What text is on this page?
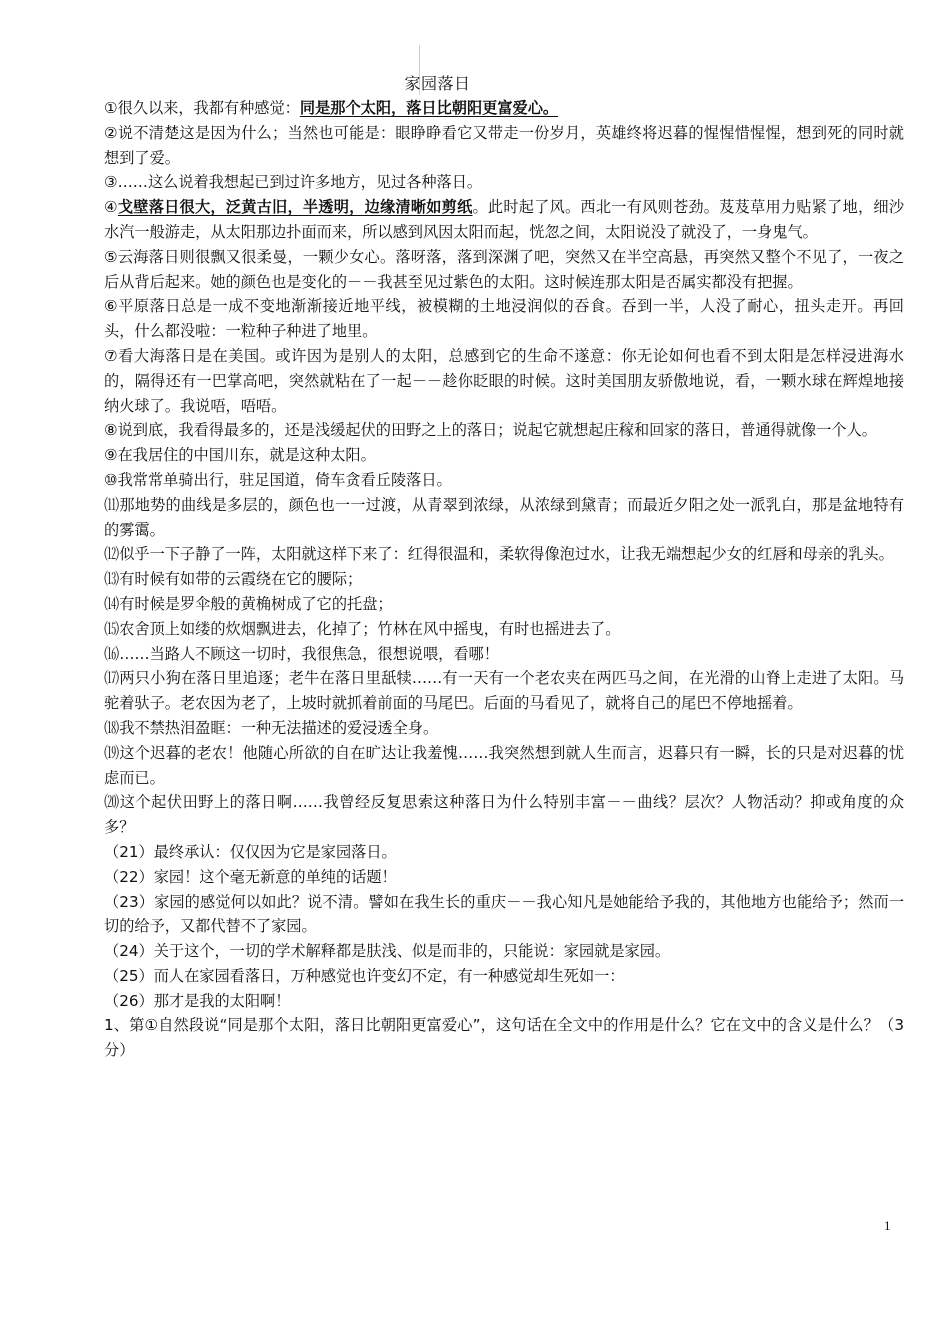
家园落日

①很久以来，我都有种感觉：同是那个太阳，落日比朝阳更富爱心。

②说不清楚这是因为什么；当然也可能是：眼睁睁看它又带走一份岁月，英雄终将迟暮的惺惺惜惺惺，想到死的同时就想到了爱。

③……这么说着我想起已到过许多地方，见过各种落日。

④戈壁落日很大，泛黄古旧，半透明，边缘清晰如剪纸。此时起了风。西北一有风则苍劲。芨芨草用力贴紧了地，细沙水汽一般游走，从太阳那边扑面而来，所以感到风因太阳而起，恍忽之间，太阳说没了就没了，一身鬼气。

⑤云海落日则很飘又很柔曼，一颗少女心。落呀落，落到深渊了吧，突然又在半空高悬，再突然又整个不见了，一夜之后从背后起来。她的颜色也是变化的－－我甚至见过紫色的太阳。这时候连那太阳是否属实都没有把握。

⑥平原落日总是一成不变地渐渐接近地平线，被模糊的土地浸润似的吞食。吞到一半，人没了耐心，扭头走开。再回头，什么都没啦：一粒种子种进了地里。

⑦看大海落日是在美国。或许因为是别人的太阳，总感到它的生命不遂意：你无论如何也看不到太阳是怎样浸进海水的，隔得还有一巴掌高吧，突然就粘在了一起－－趁你眨眼的时候。这时美国朋友骄傲地说，看，一颗水球在辉煌地接纳火球了。我说唔，唔唔。

⑧说到底，我看得最多的，还是浅缓起伏的田野之上的落日；说起它就想起庄稼和回家的落日，普通得就像一个人。

⑨在我居住的中国川东，就是这种太阳。

⑩我常常单骑出行，驻足国道，倚车贪看丘陵落日。

⑾那地势的曲线是多层的，颜色也一一过渡，从青翠到浓绿，从浓绿到黛青；而最近夕阳之处一派乳白，那是盆地特有的雾霭。

⑿似乎一下子静了一阵，太阳就这样下来了：红得很温和，柔软得像泡过水，让我无端想起少女的红唇和母亲的乳头。

⒀有时候有如带的云霞绕在它的腰际；

⒁有时候是罗伞般的黄桷树成了它的托盘；

⒂农舍顶上如缕的炊烟飘进去，化掉了；竹林在风中摇曳，有时也摇进去了。

⒃……当路人不顾这一切时，我很焦急，很想说喂，看哪！

⒄两只小狗在落日里追逐；老牛在落日里舐犊……有一天有一个老农夹在两匹马之间，在光滑的山脊上走进了太阳。马驼着驮子。老农因为老了，上坡时就抓着前面的马尾巴。后面的马看见了，就将自己的尾巴不停地摇着。

⒅我不禁热泪盈眶：一种无法描述的爱浸透全身。

⒆这个迟暮的老农！他随心所欲的自在旷达让我羞愧……我突然想到就人生而言，迟暮只有一瞬，长的只是对迟暮的忧虑而已。

⒇这个起伏田野上的落日啊……我曾经反复思索这种落日为什么特别丰富－－曲线？层次？人物活动？抑或角度的众多？

（21）最终承认：仅仅因为它是家园落日。

（22）家园！这个毫无新意的单纯的话题！

（23）家园的感觉何以如此？说不清。譬如在我生长的重庆－－我心知凡是她能给予我的，其他地方也能给予；然而一切的给予，又都代替不了家园。

（24）关于这个，一切的学术解释都是肤浅、似是而非的，只能说：家园就是家园。

（25）而人在家园看落日，万种感觉也许变幻不定，有一种感觉却生死如一：

（26）那才是我的太阳啊！

1、第①自然段说“同是那个太阳，落日比朝阳更富爱心”，这句话在全文中的作用是什么？它在文中的含义是什么？（3分）

1
